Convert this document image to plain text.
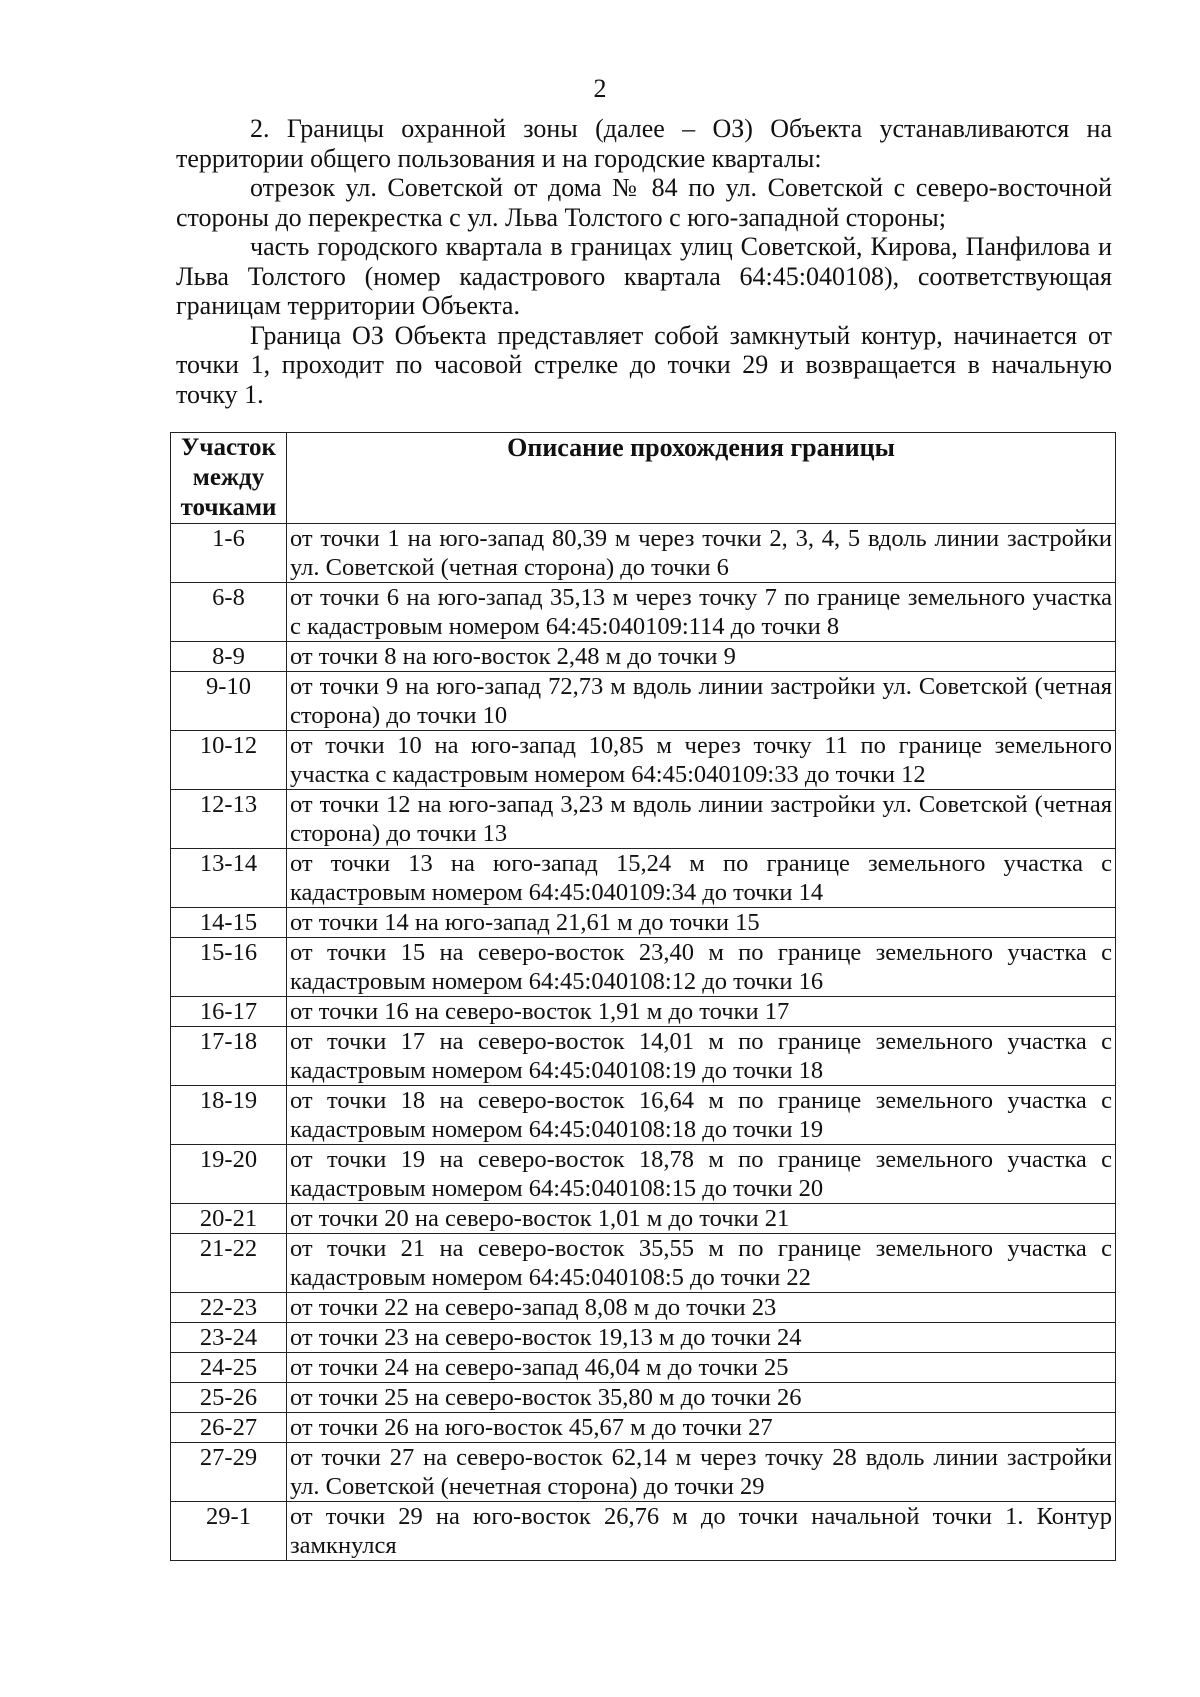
2

2. Границы охранной зоны (далее – ОЗ) Объекта устанавливаются на территории общего пользования и на городские кварталы:

отрезок ул. Советской от дома № 84 по ул. Советской с северо-восточной стороны до перекрестка с ул. Льва Толстого с юго-западной стороны;

часть городского квартала в границах улиц Советской, Кирова, Панфилова и Льва Толстого (номер кадастрового квартала 64:45:040108), соответствующая границам территории Объекта.

Граница ОЗ Объекта представляет собой замкнутый контур, начинается от точки 1, проходит по часовой стрелке до точки 29 и возвращается в начальную точку 1.

Участок между точками	Описание прохождения границы
1-6	от точки 1 на юго-запад 80,39 м через точки 2, 3, 4, 5 вдоль линии застройки ул. Советской (четная сторона) до точки 6
6-8	от точки 6 на юго-запад 35,13 м через точку 7 по границе земельного участка с кадастровым номером 64:45:040109:114 до точки 8
8-9	от точки 8 на юго-восток 2,48 м до точки 9
9-10	от точки 9 на юго-запад 72,73 м вдоль линии застройки ул. Советской (четная сторона) до точки 10
10-12	от точки 10 на юго-запад 10,85 м через точку 11 по границе земельного участка с кадастровым номером 64:45:040109:33 до точки 12
12-13	от точки 12 на юго-запад 3,23 м вдоль линии застройки ул. Советской (четная сторона) до точки 13
13-14	от точки 13 на юго-запад 15,24 м по границе земельного участка с кадастровым номером 64:45:040109:34 до точки 14
14-15	от точки 14 на юго-запад 21,61 м до точки 15
15-16	от точки 15 на северо-восток 23,40 м по границе земельного участка с кадастровым номером 64:45:040108:12 до точки 16
16-17	от точки 16 на северо-восток 1,91 м до точки 17
17-18	от точки 17 на северо-восток 14,01 м по границе земельного участка с кадастровым номером 64:45:040108:19 до точки 18
18-19	от точки 18 на северо-восток 16,64 м по границе земельного участка с кадастровым номером 64:45:040108:18 до точки 19
19-20	от точки 19 на северо-восток 18,78 м по границе земельного участка с кадастровым номером 64:45:040108:15 до точки 20
20-21	от точки 20 на северо-восток 1,01 м до точки 21
21-22	от точки 21 на северо-восток 35,55 м по границе земельного участка с кадастровым номером 64:45:040108:5 до точки 22
22-23	от точки 22 на северо-запад 8,08 м до точки 23
23-24	от точки 23 на северо-восток 19,13 м до точки 24
24-25	от точки 24 на северо-запад 46,04 м до точки 25
25-26	от точки 25 на северо-восток 35,80 м до точки 26
26-27	от точки 26 на юго-восток 45,67 м до точки 27
27-29	от точки 27 на северо-восток 62,14 м через точку 28 вдоль линии застройки ул. Советской (нечетная сторона) до точки 29
29-1	от точки 29 на юго-восток 26,76 м до точки начальной точки 1. Контур замкнулся
